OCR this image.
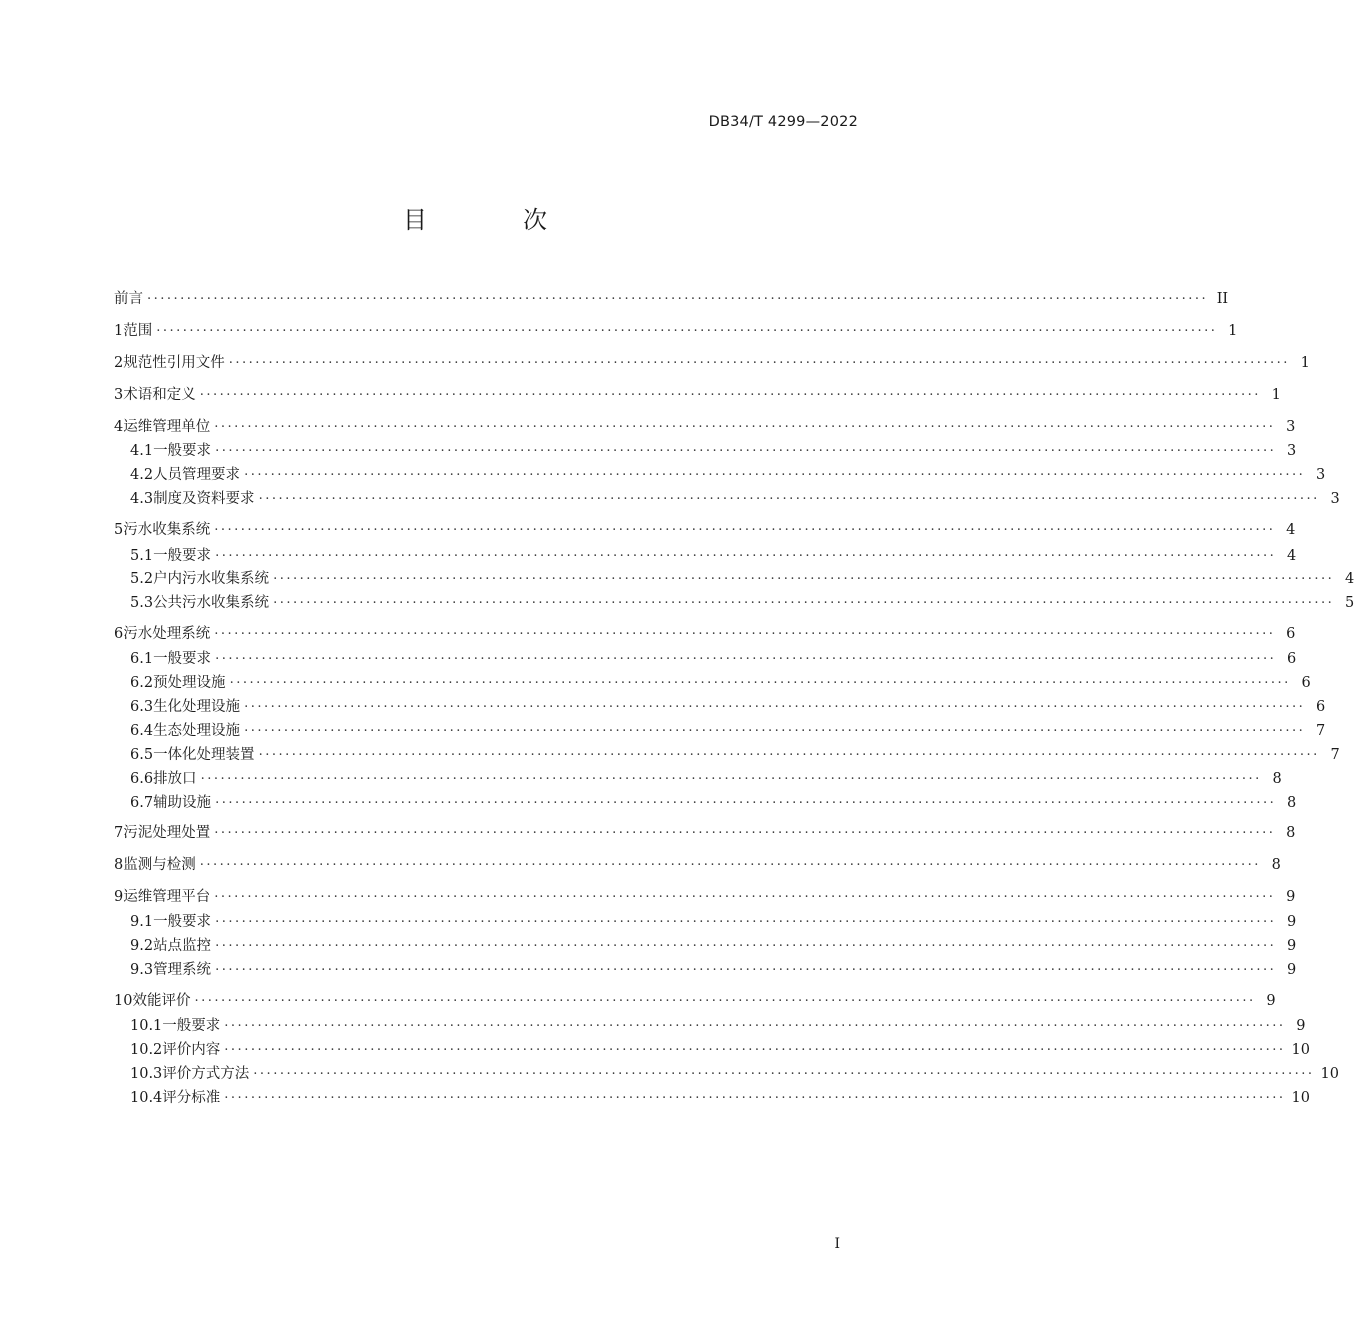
DB34/T 4299—2022
目　次
前言 ................................................................................................................................................................ II
1 范围 ................................................................................................................................................................ 1
2 规范性引用文件 ................................................................................................................................................................ 1
3 术语和定义 ................................................................................................................................................................ 1
4 运维管理单位 ................................................................................................................................................................ 3
4.1 一般要求 ................................................................................................................................................................ 3
4.2 人员管理要求 ................................................................................................................................................................ 3
4.3 制度及资料要求 ................................................................................................................................................................ 3
5 污水收集系统 ................................................................................................................................................................ 4
5.1 一般要求 ................................................................................................................................................................ 4
5.2 户内污水收集系统 ................................................................................................................................................................ 4
5.3 公共污水收集系统 ................................................................................................................................................................ 5
6 污水处理系统 ................................................................................................................................................................ 6
6.1 一般要求 ................................................................................................................................................................ 6
6.2 预处理设施 ................................................................................................................................................................ 6
6.3 生化处理设施 ................................................................................................................................................................ 6
6.4 生态处理设施 ................................................................................................................................................................ 7
6.5 一体化处理装置 ................................................................................................................................................................ 7
6.6 排放口 ................................................................................................................................................................ 8
6.7 辅助设施 ................................................................................................................................................................ 8
7 污泥处理处置 ................................................................................................................................................................ 8
8 监测与检测 ................................................................................................................................................................ 8
9 运维管理平台 ................................................................................................................................................................ 9
9.1 一般要求 ................................................................................................................................................................ 9
9.2 站点监控 ................................................................................................................................................................ 9
9.3 管理系统 ................................................................................................................................................................ 9
10 效能评价 ................................................................................................................................................................ 9
10.1 一般要求 ................................................................................................................................................................ 9
10.2 评价内容 ................................................................................................................................................................ 10
10.3 评价方式方法 ................................................................................................................................................................ 10
10.4 评分标准 ................................................................................................................................................................ 10
I
